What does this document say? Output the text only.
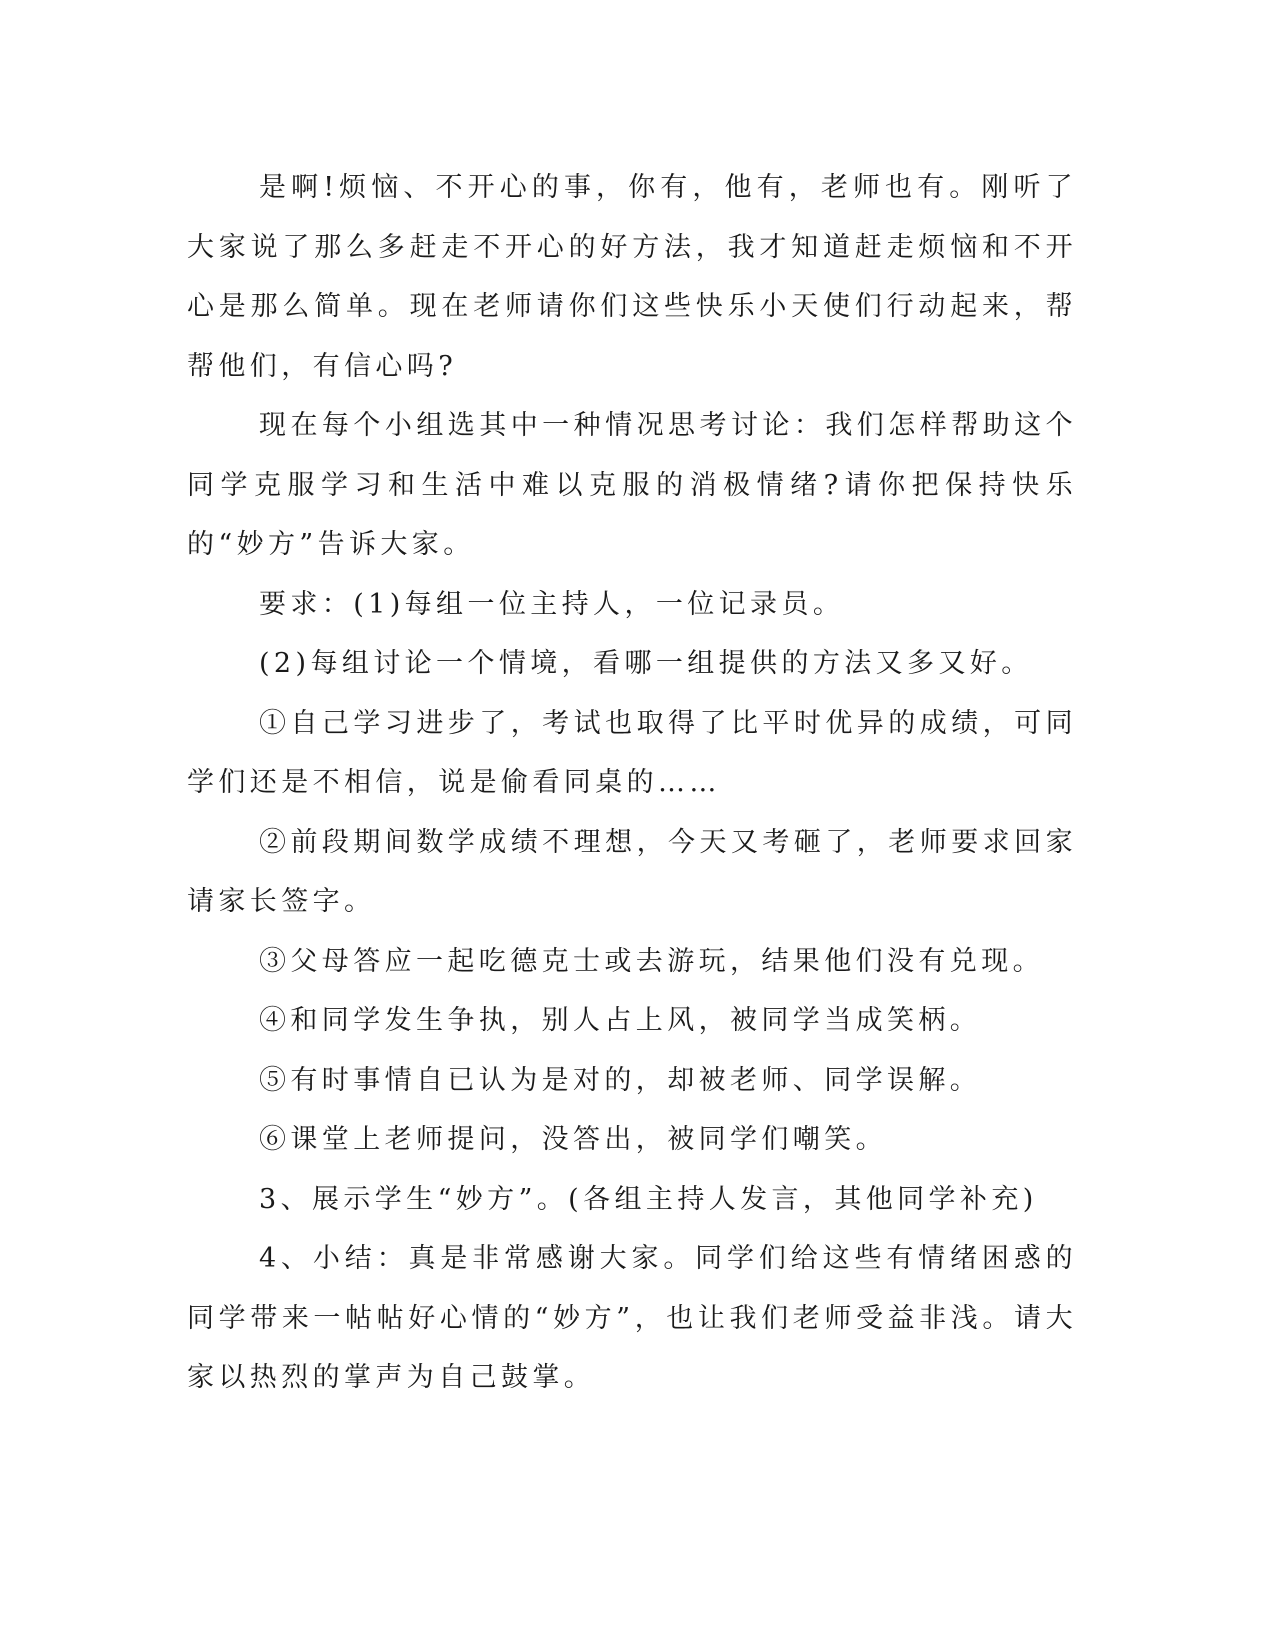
是啊!烦恼、不开心的事，你有，他有，老师也有。刚听了大家说了那么多赶走不开心的好方法，我才知道赶走烦恼和不开心是那么简单。现在老师请你们这些快乐小天使们行动起来，帮帮他们，有信心吗?

现在每个小组选其中一种情况思考讨论：我们怎样帮助这个同学克服学习和生活中难以克服的消极情绪?请你把保持快乐的“妙方”告诉大家。

要求：(1)每组一位主持人，一位记录员。

(2)每组讨论一个情境，看哪一组提供的方法又多又好。

①自己学习进步了，考试也取得了比平时优异的成绩，可同学们还是不相信，说是偷看同桌的……

②前段期间数学成绩不理想，今天又考砸了，老师要求回家请家长签字。

③父母答应一起吃德克士或去游玩，结果他们没有兑现。

④和同学发生争执，别人占上风，被同学当成笑柄。

⑤有时事情自已认为是对的，却被老师、同学误解。

⑥课堂上老师提问，没答出，被同学们嘲笑。

3、展示学生“妙方”。(各组主持人发言，其他同学补充)

4、小结：真是非常感谢大家。同学们给这些有情绪困惑的同学带来一帖帖好心情的“妙方”，也让我们老师受益非浅。请大家以热烈的掌声为自己鼓掌。
